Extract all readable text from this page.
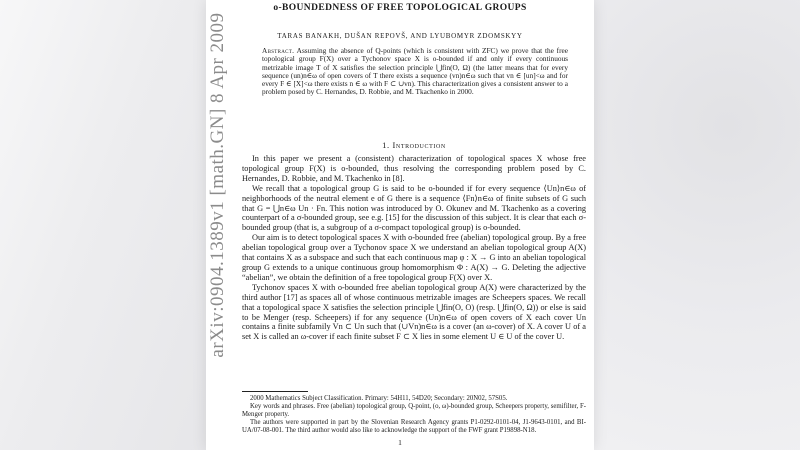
o-BOUNDEDNESS OF FREE TOPOLOGICAL GROUPS
TARAS BANAKH, DUŠAN REPOVŠ, AND LYUBOMYR ZDOMSKYY
Abstract. Assuming the absence of Q-points (which is consistent with ZFC) we prove that the free topological group F(X) over a Tychonov space X is o-bounded if and only if every continuous metrizable image T of X satisfies the selection principle ⋃fin(O, Ω) (the latter means that for every sequence (un)n∈ω of open covers of T there exists a sequence (vn)n∈ω such that vn ∈ [un]<ω and for every F ∈ [X]<ω there exists n ∈ ω with F ⊂ ∪vn). This characterization gives a consistent answer to a problem posed by C. Hernandes, D. Robbie, and M. Tkachenko in 2000.
1. Introduction

In this paper we present a (consistent) characterization of topological spaces X whose free topological group F(X) is o-bounded, thus resolving the corresponding problem posed by C. Hernandes, D. Robbie, and M. Tkachenko in [8].

We recall that a topological group G is said to be o-bounded if for every sequence ⟨Un⟩n∈ω of neighborhoods of the neutral element e of G there is a sequence ⟨Fn⟩n∈ω of finite subsets of G such that G = ⋃n∈ω Un · Fn. This notion was introduced by O. Okunev and M. Tkachenko as a covering counterpart of a σ-bounded group, see e.g. [15] for the discussion of this subject. It is clear that each σ-bounded group (that is, a subgroup of a σ-compact topological group) is o-bounded.

Our aim is to detect topological spaces X with o-bounded free (abelian) topological group. By a free abelian topological group over a Tychonov space X we understand an abelian topological group A(X) that contains X as a subspace and such that each continuous map φ : X → G into an abelian topological group G extends to a unique continuous group homomorphism Φ : A(X) → G. Deleting the adjective “abelian”, we obtain the definition of a free topological group F(X) over X.

Tychonov spaces X with o-bounded free abelian topological group A(X) were characterized by the third author [17] as spaces all of whose continuous metrizable images are Scheepers spaces. We recall that a topological space X satisfies the selection principle ⋃fin(O, O) (resp. ⋃fin(O, Ω)) or else is said to be Menger (resp. Scheepers) if for any sequence (Un)n∈ω of open covers of X each cover Un contains a finite subfamily Vn ⊂ Un such that (∪Vn)n∈ω is a cover (an ω-cover) of X. A cover U of a set X is called an ω-cover if each finite subset F ⊂ X lies in some element U ∈ U of the cover U.

2000 Mathematics Subject Classification. Primary: 54H11, 54D20; Secondary: 20N02, 57S05.

Key words and phrases. Free (abelian) topological group, Q-point, (o, ω)-bounded group, Scheepers property, semifilter, F-Menger property.

The authors were supported in part by the Slovenian Research Agency grants P1-0292-0101-04, J1-9643-0101, and BI-UA/07-08-001. The third author would also like to acknowledge the support of the FWF grant P19898-N18.

1
arXiv:0904.1389v1 [math.GN] 8 Apr 2009
